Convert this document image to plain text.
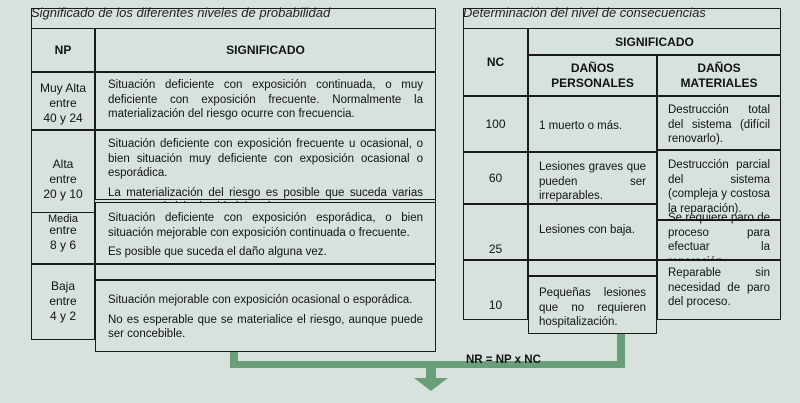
Significado de los diferentes niveles de probabilidad
NP	SIGNIFICADO
Muy Alta
entre
40 y 24
Alta
entre
20 y 10
Media
entre
8 y 6
Baja
entre
4 y 2

Situación deficiente con exposición continuada, o muy deficiente con exposición frecuente. Normalmente la materialización del riesgo ocurre con frecuencia.

Situación deficiente con exposición frecuente u ocasional, o bien situación muy deficiente con exposición ocasional o esporádica.

La materialización del riesgo es posible que suceda varias

Situación deficiente con exposición esporádica, o bien situación mejorable con exposición continuada o frecuente.

Es posible que suceda el daño alguna vez.

Situación mejorable con exposición ocasional o esporádica.

No es esperable que se materialice el riesgo, aunque puede ser concebible.

Determinación del nivel de consecuencias
NC
SIGNIFICADO
DAÑOS PERSONALES
DAÑOS MATERIALES
100
60
25
10
1 muerto o más.
Lesiones graves que pueden ser irreparables.
Lesiones con baja.
Pequeñas lesiones que no requieren hospitalización.
Destrucción total del sistema (difícil renovarlo).
Destrucción parcial del sistema (compleja y costosa la reparación).
Se requiere paro de proceso para efectuar la
Reparable sin necesidad de paro del proceso.
NR = NP x NC
